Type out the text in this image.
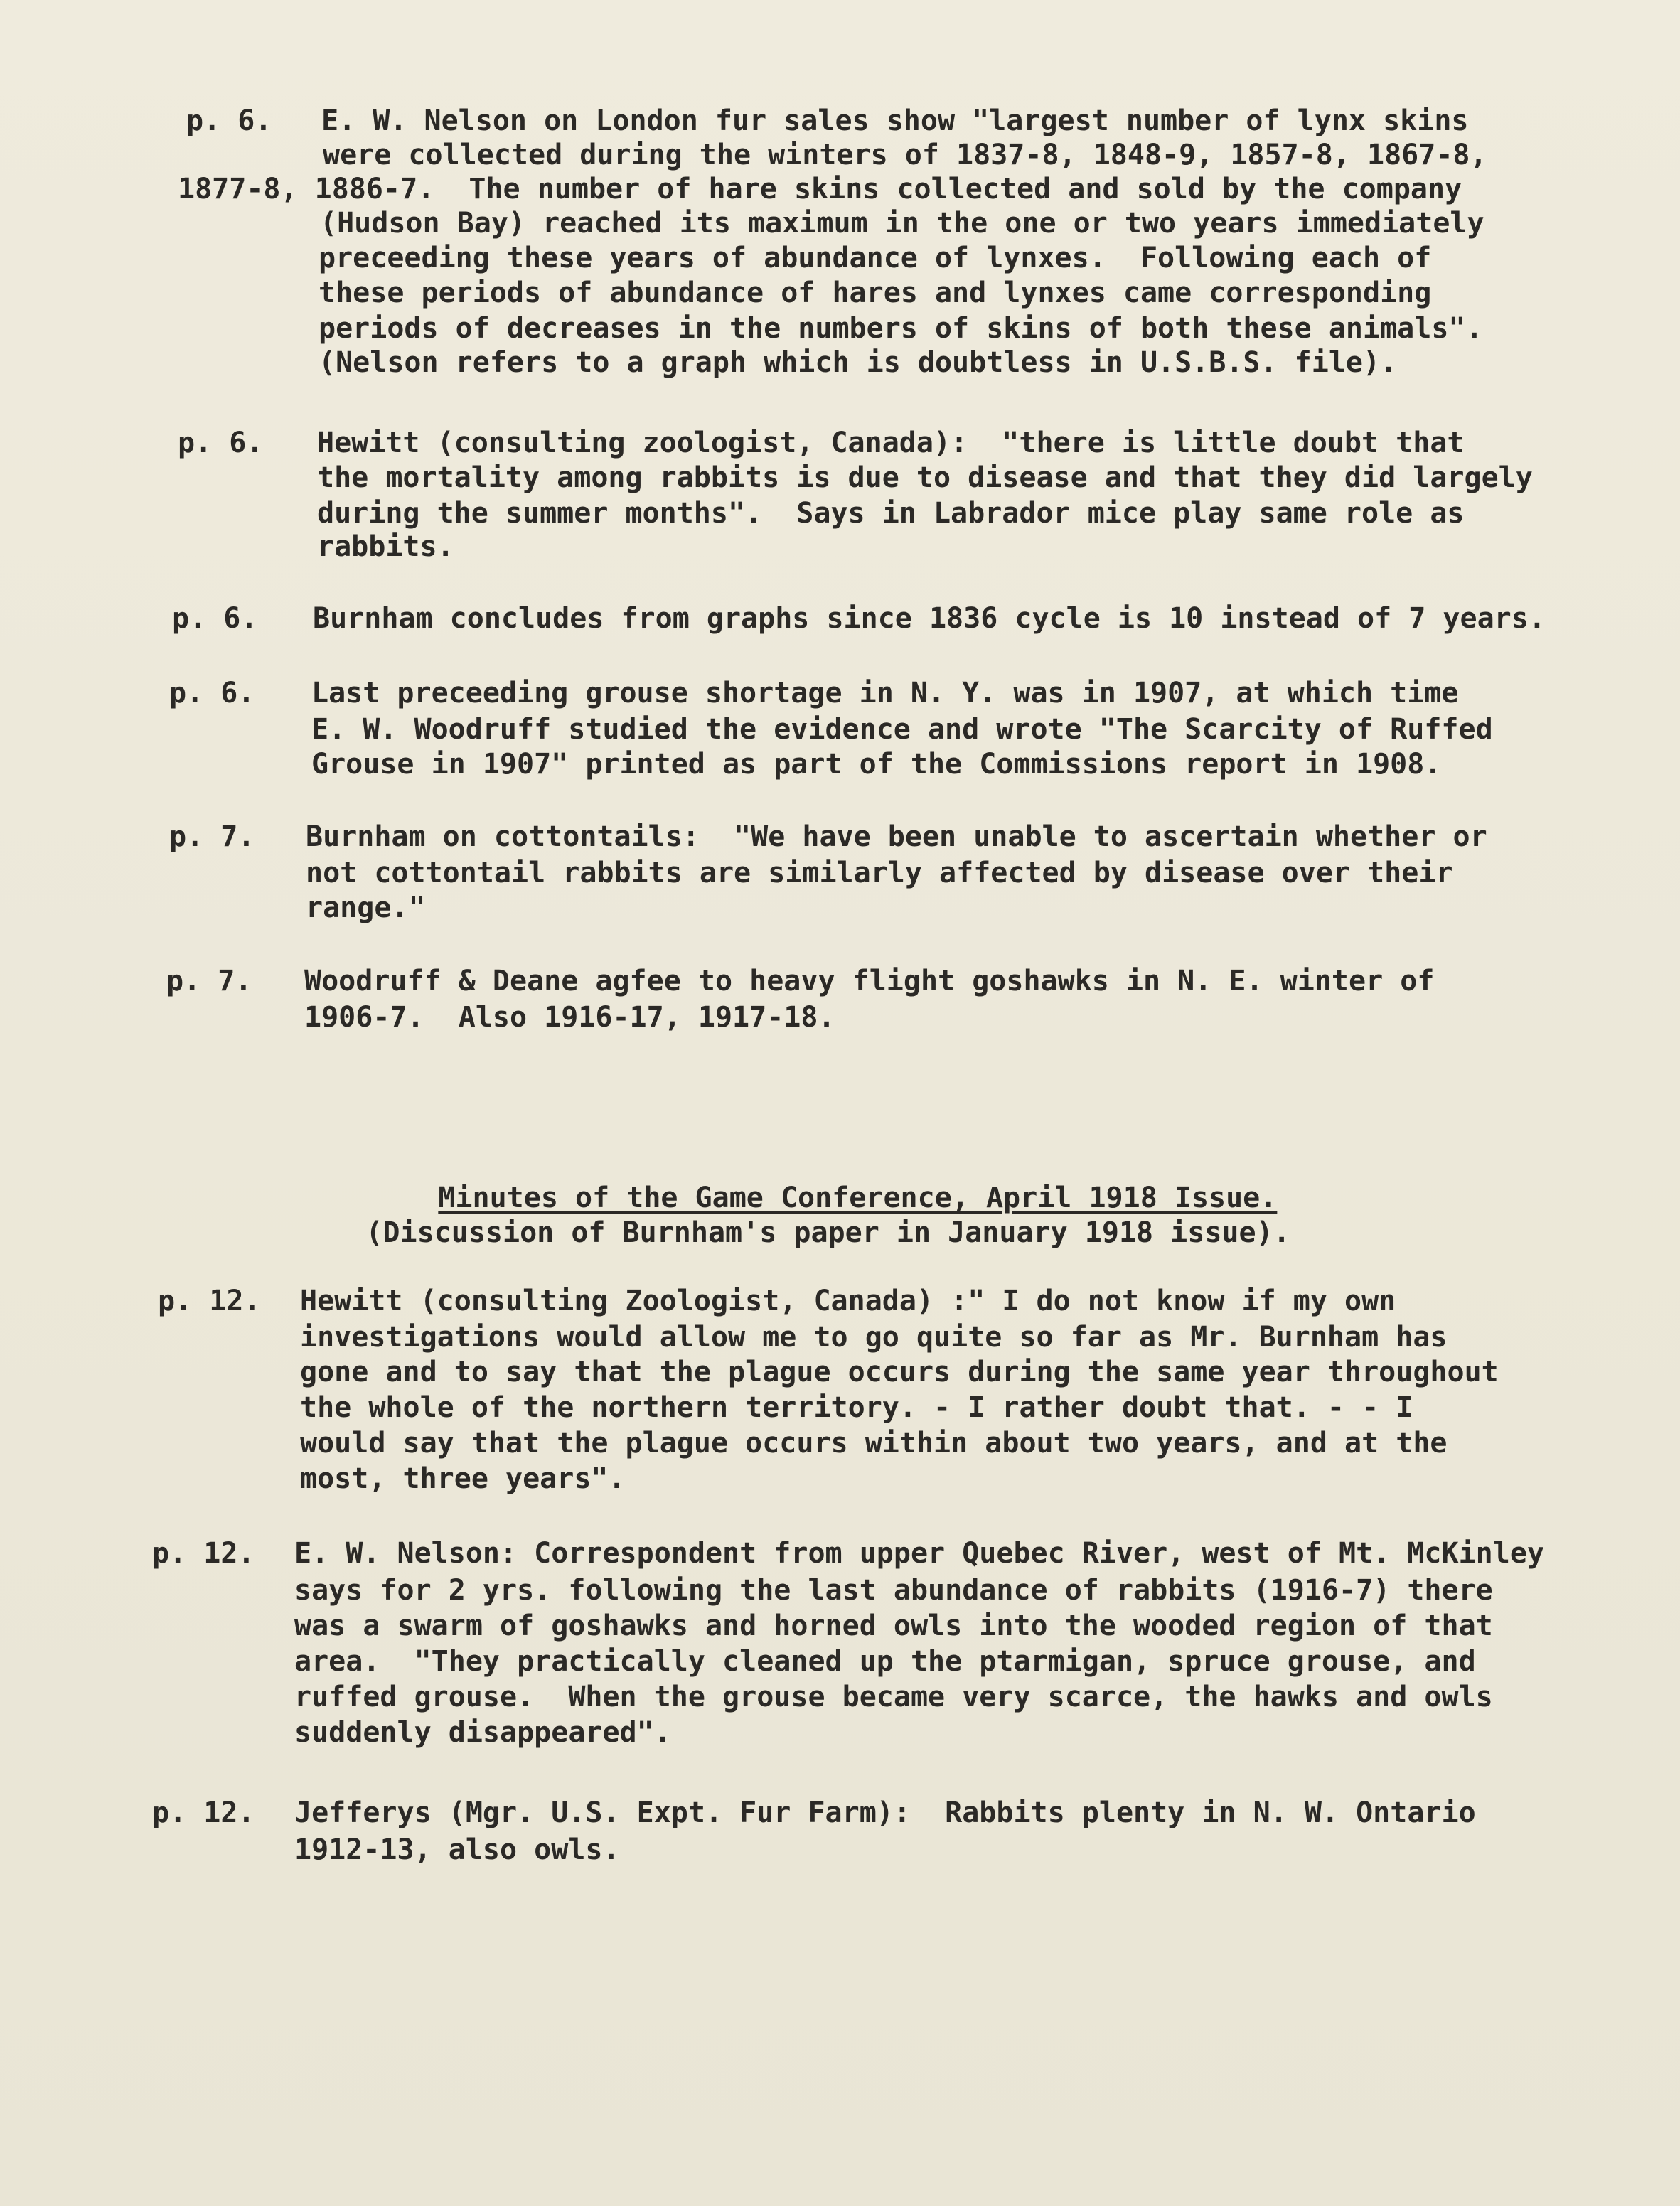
p. 6. E. W. Nelson on London fur sales show "largest number of lynx skins
were collected during the winters of 1837-8, 1848-9, 1857-8, 1867-8,
1877-8, 1886-7.  The number of hare skins collected and sold by the company
(Hudson Bay) reached its maximum in the one or two years immediately
preceeding these years of abundance of lynxes.  Following each of
these periods of abundance of hares and lynxes came corresponding
periods of decreases in the numbers of skins of both these animals".
(Nelson refers to a graph which is doubtless in U.S.B.S. file).
p. 6. Hewitt (consulting zoologist, Canada):  "there is little doubt that
the mortality among rabbits is due to disease and that they did largely
during the summer months".  Says in Labrador mice play same role as
rabbits.
p. 6. Burnham concludes from graphs since 1836 cycle is 10 instead of 7 years.
p. 6. Last preceeding grouse shortage in N. Y. was in 1907, at which time
E. W. Woodruff studied the evidence and wrote "The Scarcity of Ruffed
Grouse in 1907" printed as part of the Commissions report in 1908.
p. 7. Burnham on cottontails:  "We have been unable to ascertain whether or
not cottontail rabbits are similarly affected by disease over their
range."
p. 7. Woodruff & Deane agfee to heavy flight goshawks in N. E. winter of
1906-7.  Also 1916-17, 1917-18.

Minutes of the Game Conference, April 1918 Issue.

(Discussion of Burnham's paper in January 1918 issue).

p. 12. Hewitt (consulting Zoologist, Canada) :" I do not know if my own
investigations would allow me to go quite so far as Mr. Burnham has
gone and to say that the plague occurs during the same year throughout
the whole of the northern territory. - I rather doubt that. - - I
would say that the plague occurs within about two years, and at the
most, three years".
p. 12. E. W. Nelson: Correspondent from upper Quebec River, west of Mt. McKinley
says for 2 yrs. following the last abundance of rabbits (1916-7) there
was a swarm of goshawks and horned owls into the wooded region of that
area.  "They practically cleaned up the ptarmigan, spruce grouse, and
ruffed grouse.  When the grouse became very scarce, the hawks and owls
suddenly disappeared".
p. 12. Jefferys (Mgr. U.S. Expt. Fur Farm):  Rabbits plenty in N. W. Ontario
1912-13, also owls.
